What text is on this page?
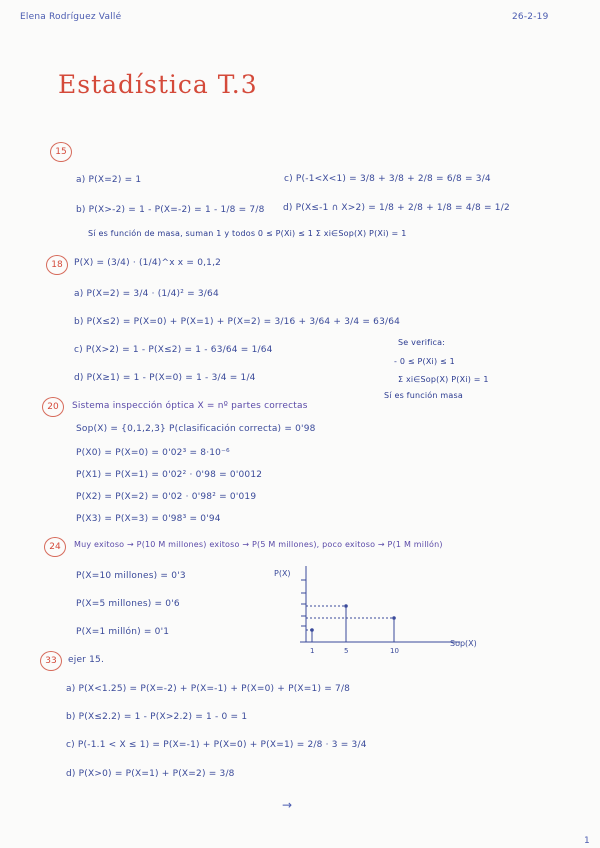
Elena Rodríguez Vallé	26-2-19
Estadística T.3
15
a) P(X=2) = 1	c) P(-1<X<1) = 3/8 + 3/8 + 2/8 = 6/8 = 3/4
b) P(X>-2) = 1 - P(X=-2) = 1 - 1/8 = 7/8 d) P(X≤-1 ∩ X>2) = 1/8 + 2/8 + 1/8 = 4/8 = 1/2
Sí es función de masa, suman 1 y todos 0 ≤ P(Xi) ≤ 1 Σ xi∈Sop(X) P(Xi) = 1
18	P(X) = (3/4) · (1/4)^x x = 0,1,2
a) P(X=2) = 3/4 · (1/4)² = 3/64
b) P(X≤2) = P(X=0) + P(X=1) + P(X=2) = 3/16 + 3/64 + 3/4 = 63/64
c) P(X>2) = 1 - P(X≤2) = 1 - 63/64 = 1/64
d) P(X≥1) = 1 - P(X=0) = 1 - 3/4 = 1/4
Se verifica:
- 0 ≤ P(Xi) ≤ 1
Σ xi∈Sop(X) P(Xi) = 1
Sí es función masa
20	Sistema inspección óptica X = nº partes correctas
Sop(X) = {0,1,2,3} P(clasificación correcta) = 0'98
P(X0) = P(X=0) = 0'02³ = 8·10⁻⁶
P(X1) = P(X=1) = 0'02² · 0'98 = 0'0012
P(X2) = P(X=2) = 0'02 · 0'98² = 0'019
P(X3) = P(X=3) = 0'98³ = 0'94
24	Muy exitoso → P(10 M millones) exitoso → P(5 M millones), poco exitoso → P(1 M millón)
P(X=10 millones) = 0'3
P(X=5 millones) = 0'6
P(X=1 millón) = 0'1
P(X)
1	5	10
Sop(X)
33	ejer 15.
a) P(X<1.25) = P(X=-2) + P(X=-1) + P(X=0) + P(X=1) = 7/8
b) P(X≤2.2) = 1 - P(X>2.2) = 1 - 0 = 1
c) P(-1.1 < X ≤ 1) = P(X=-1) + P(X=0) + P(X=1) = 2/8 · 3 = 3/4
d) P(X>0) = P(X=1) + P(X=2) = 3/8
→
1
